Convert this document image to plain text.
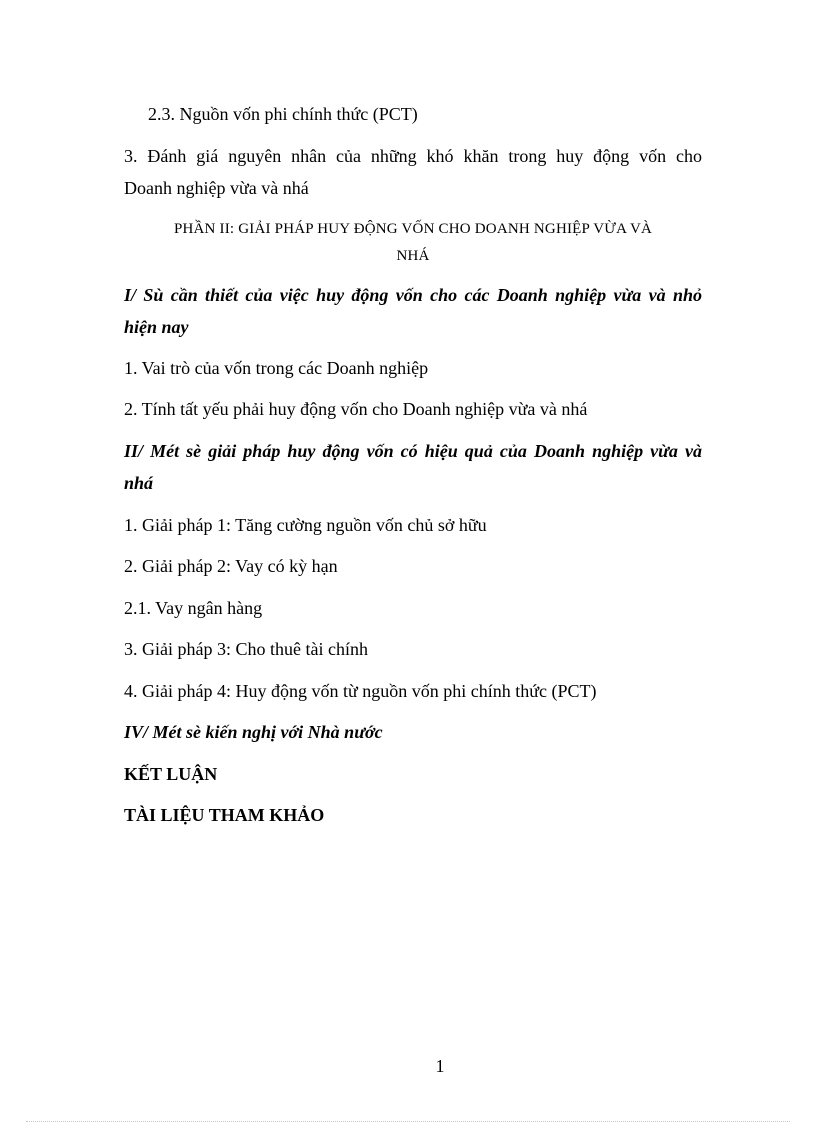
2.3. Nguồn vốn phi chính thức (PCT)
3. Đánh giá nguyên nhân của những khó khăn trong huy động vốn cho
Doanh nghiệp vừa và nhá
PHẦN II: GIẢI PHÁP HUY ĐỘNG VỐN CHO DOANH NGHIỆP VỪA VÀ
NHÁ
I/ Sù cần thiết của việc huy động vốn cho các Doanh nghiệp vừa và nhỏ
hiện nay
1. Vai trò của vốn trong các Doanh nghiệp
2. Tính tất yếu phải huy động vốn cho Doanh nghiệp vừa và nhá
II/ Mét sè giải pháp huy động vốn có hiệu quả của Doanh nghiệp vừa và
nhá
1. Giải pháp 1: Tăng cường nguồn vốn chủ sở hữu
2. Giải pháp 2: Vay có kỳ hạn
2.1. Vay ngân hàng
3. Giải pháp 3: Cho thuê tài chính
4. Giải pháp 4: Huy động vốn từ nguồn vốn phi chính thức (PCT)
IV/ Mét sè kiến nghị với Nhà nước
KẾT LUẬN
TÀI LIỆU THAM KHẢO
1
